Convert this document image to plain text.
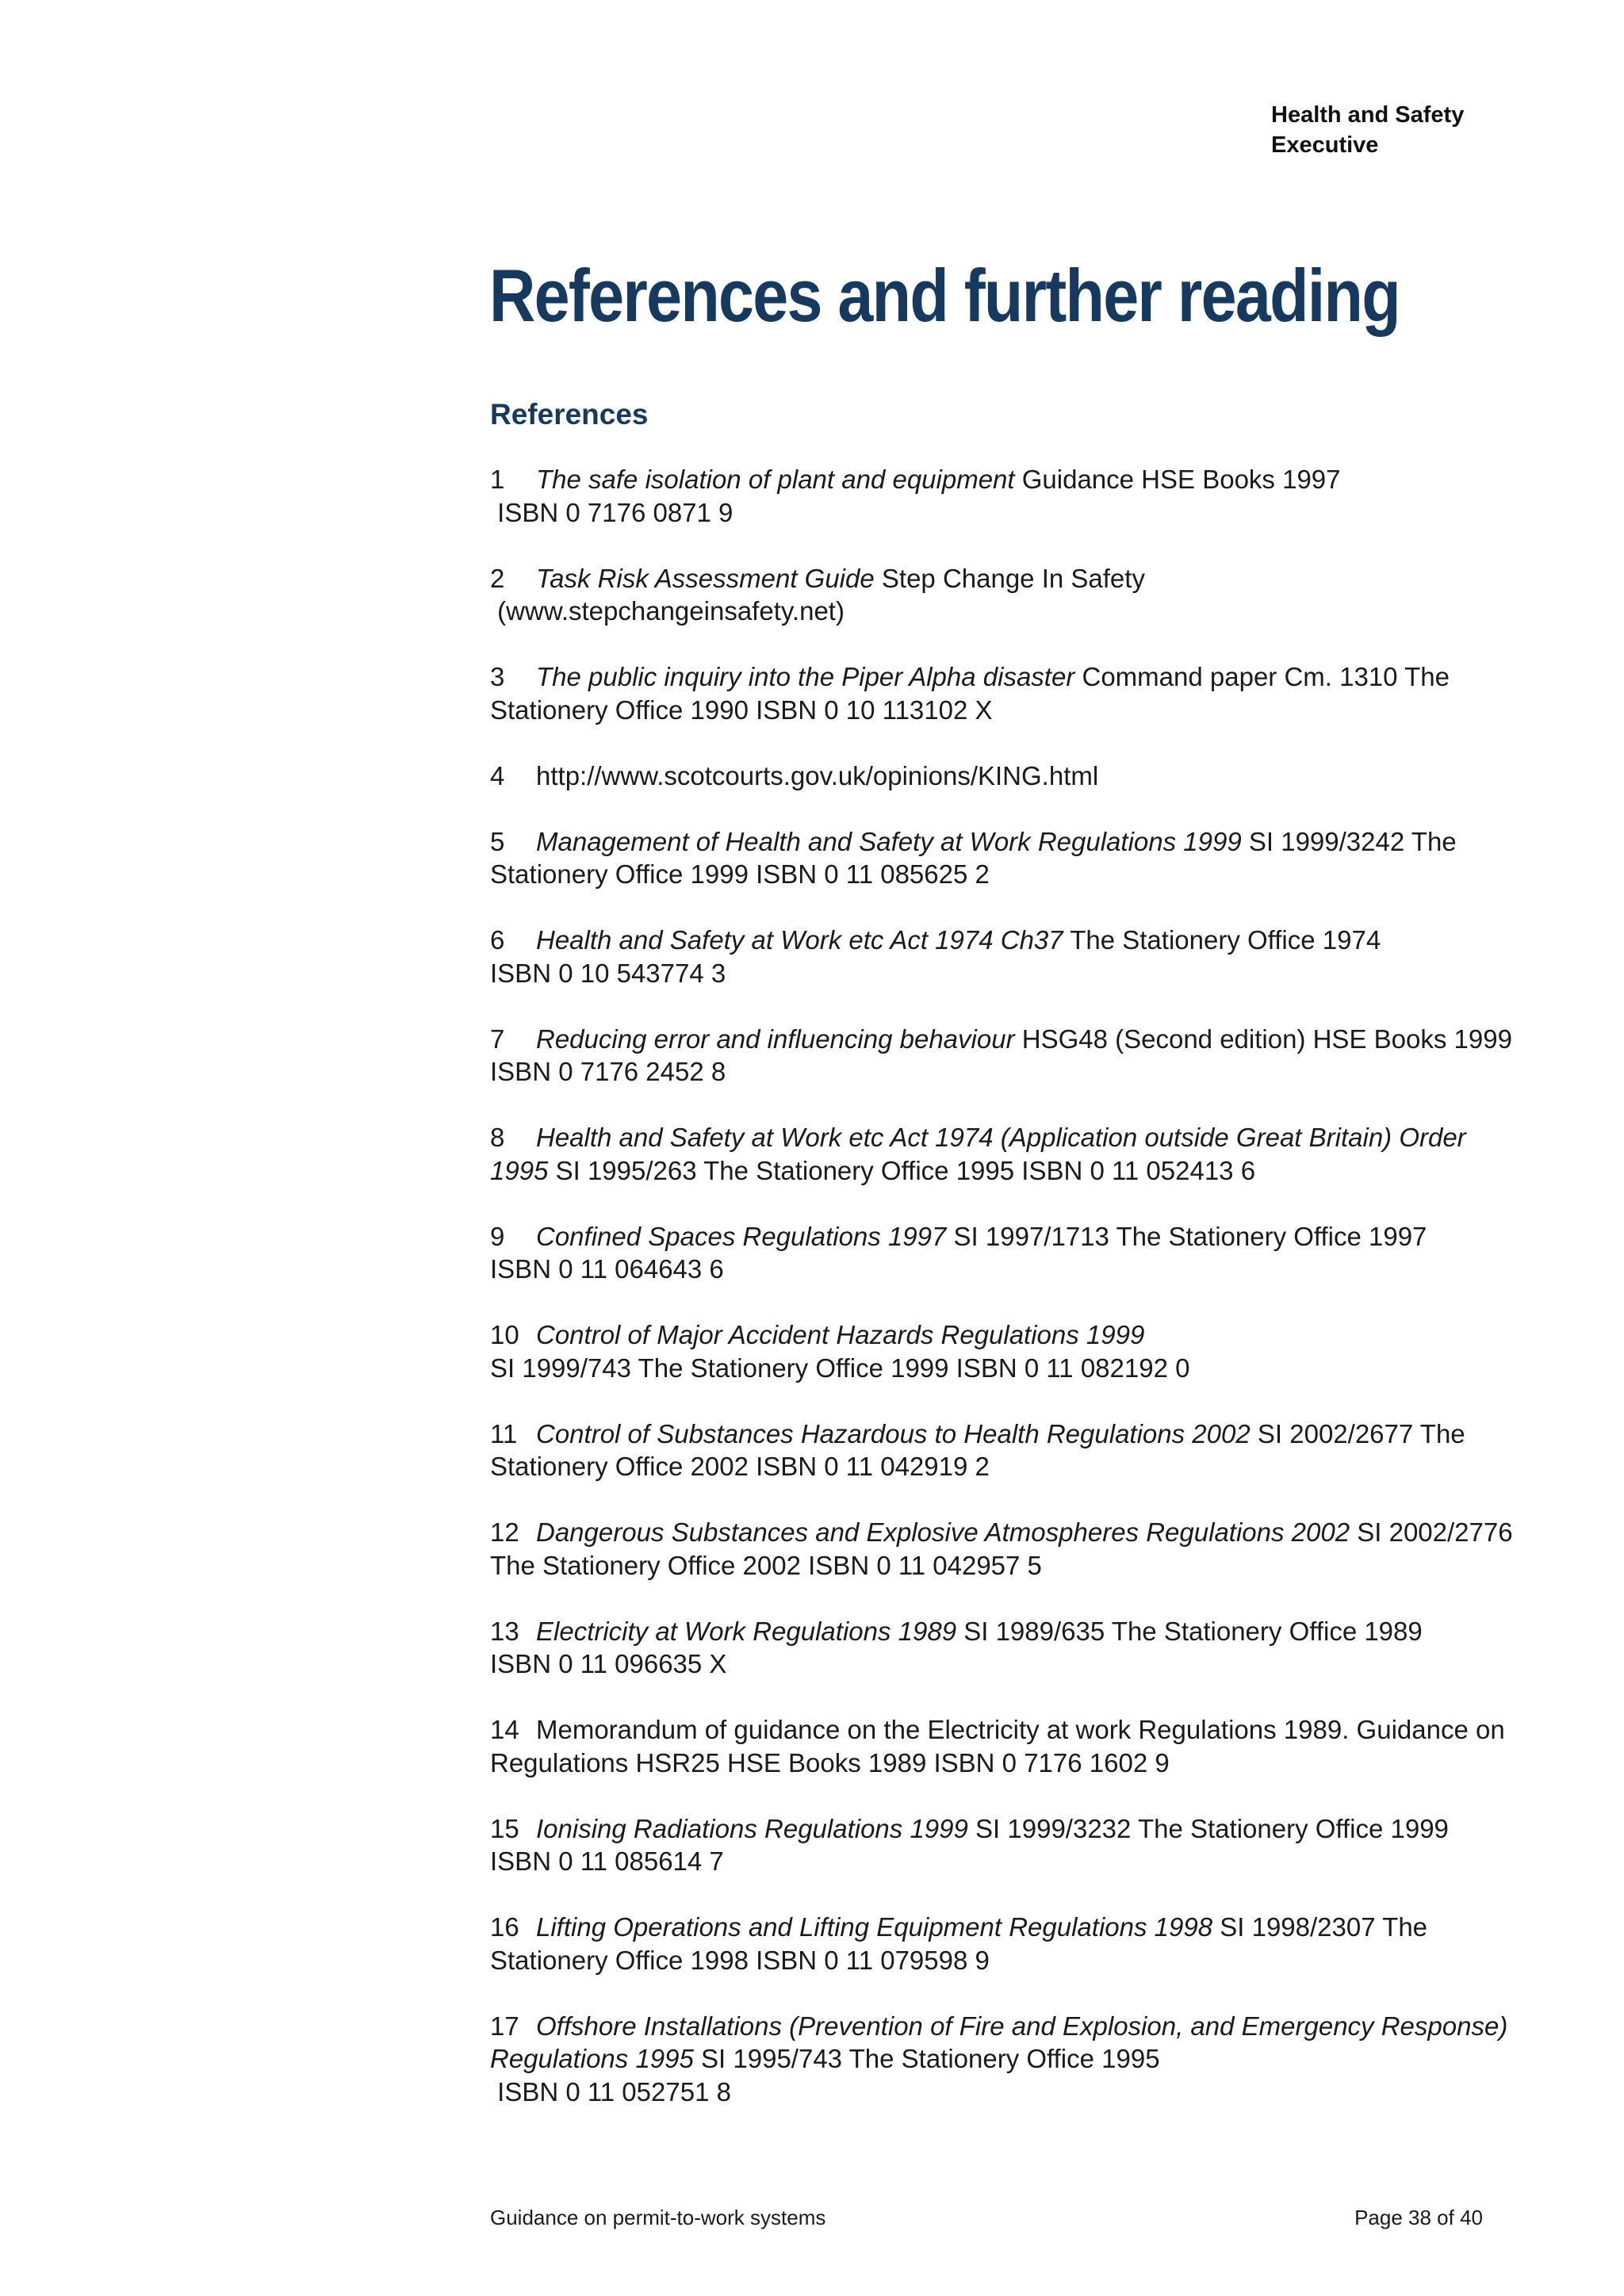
Health and Safety
Executive
References and further reading
References
1 The safe isolation of plant and equipment Guidance HSE Books 1997
ISBN 0 7176 0871 9
2 Task Risk Assessment Guide Step Change In Safety
(www.stepchangeinsafety.net)
3 The public inquiry into the Piper Alpha disaster Command paper Cm. 1310 The Stationery Office 1990 ISBN 0 10 113102 X
4 http://www.scotcourts.gov.uk/opinions/KING.html
5 Management of Health and Safety at Work Regulations 1999 SI 1999/3242 The Stationery Office 1999 ISBN 0 11 085625 2
6 Health and Safety at Work etc Act 1974 Ch37 The Stationery Office 1974
ISBN 0 10 543774 3
7 Reducing error and influencing behaviour HSG48 (Second edition) HSE Books 1999 ISBN 0 7176 2452 8
8 Health and Safety at Work etc Act 1974 (Application outside Great Britain) Order 1995 SI 1995/263 The Stationery Office 1995 ISBN 0 11 052413 6
9 Confined Spaces Regulations 1997 SI 1997/1713 The Stationery Office 1997
ISBN 0 11 064643 6
10 Control of Major Accident Hazards Regulations 1999
SI 1999/743 The Stationery Office 1999 ISBN 0 11 082192 0
11 Control of Substances Hazardous to Health Regulations 2002 SI 2002/2677 The Stationery Office 2002 ISBN 0 11 042919 2
12 Dangerous Substances and Explosive Atmospheres Regulations 2002 SI 2002/2776 The Stationery Office 2002 ISBN 0 11 042957 5
13 Electricity at Work Regulations 1989 SI 1989/635 The Stationery Office 1989
ISBN 0 11 096635 X
14 Memorandum of guidance on the Electricity at work Regulations 1989. Guidance on Regulations HSR25 HSE Books 1989 ISBN 0 7176 1602 9
15 Ionising Radiations Regulations 1999 SI 1999/3232 The Stationery Office 1999 ISBN 0 11 085614 7
16 Lifting Operations and Lifting Equipment Regulations 1998 SI 1998/2307 The Stationery Office 1998 ISBN 0 11 079598 9
17 Offshore Installations (Prevention of Fire and Explosion, and Emergency Response) Regulations 1995 SI 1995/743 The Stationery Office 1995
ISBN 0 11 052751 8
Guidance on permit-to-work systems	Page 38 of 40
